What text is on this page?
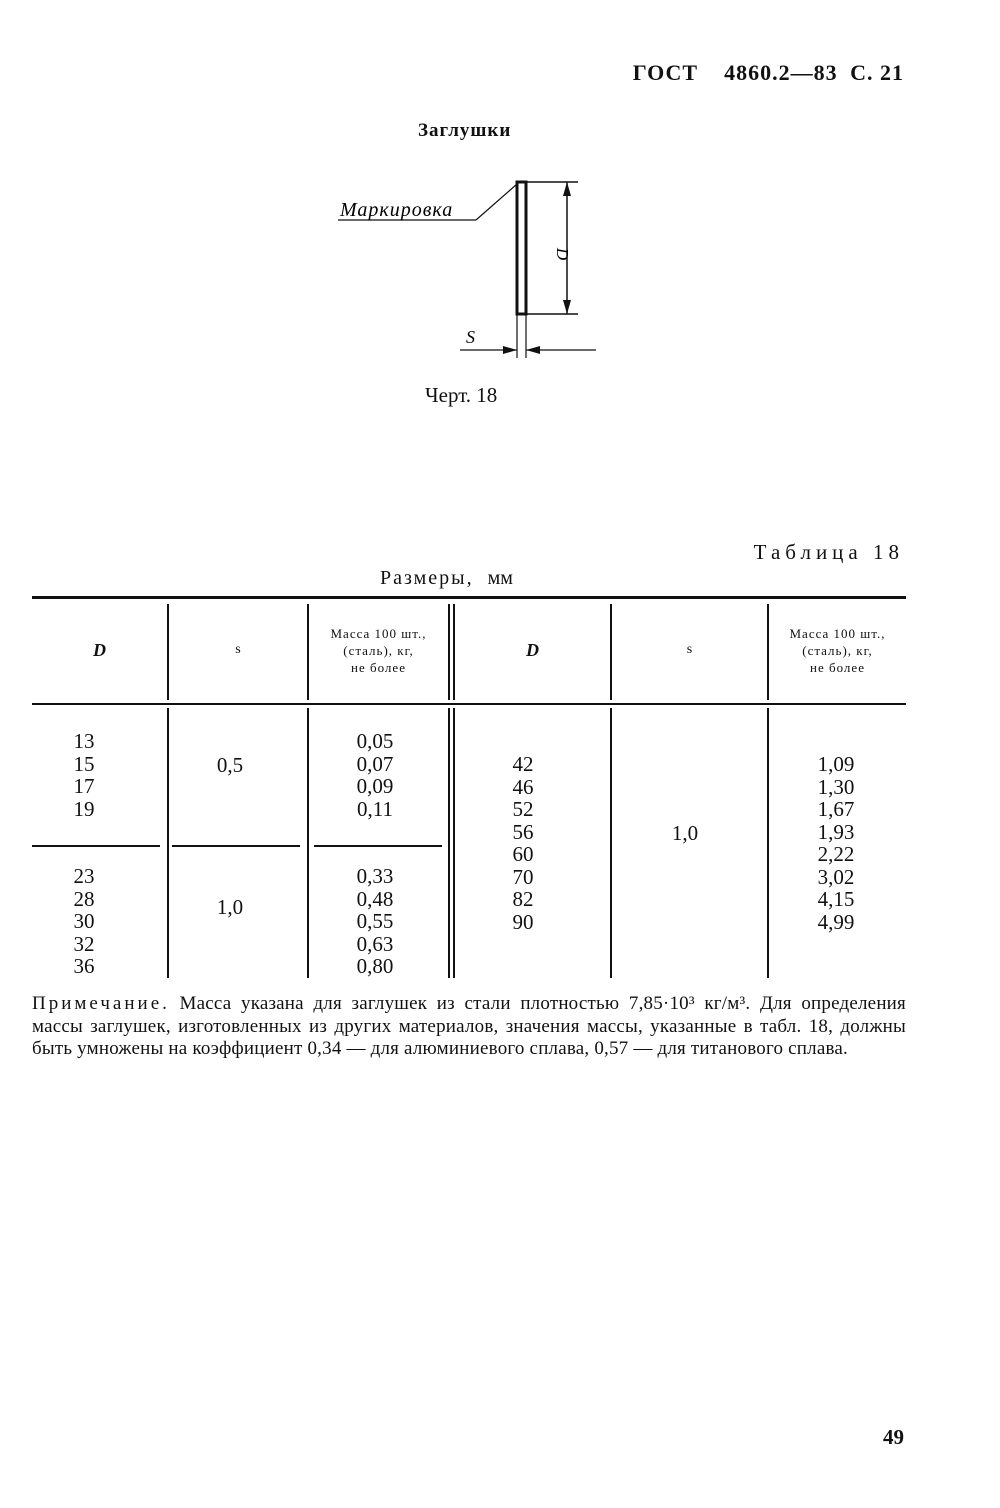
ГОСТ 4860.2—83 С. 21
Заглушки
D
Маркировка
S
Черт. 18
Таблица 18
Размеры, мм
D	s
Масса 100 шт.,
(сталь), кг,
не более
D	s
Масса 100 шт.,
(сталь), кг,
не более
13
15
17
19
0,5
0,05
0,07
0,09
0,11
23
28
30
32
36
1,0
0,33
0,48
0,55
0,63
0,80
42
46
52
56
60
70
82
90
1,0
1,09
1,30
1,67
1,93
2,22
3,02
4,15
4,99
Примечание. Масса указана для заглушек из стали плотностью 7,85·10³ кг/м³. Для определения массы заглушек, изготовленных из других материалов, значения массы, указанные в табл. 18, должны быть умножены на коэффициент 0,34 — для алюминиевого сплава, 0,57 — для титанового сплава.
49
